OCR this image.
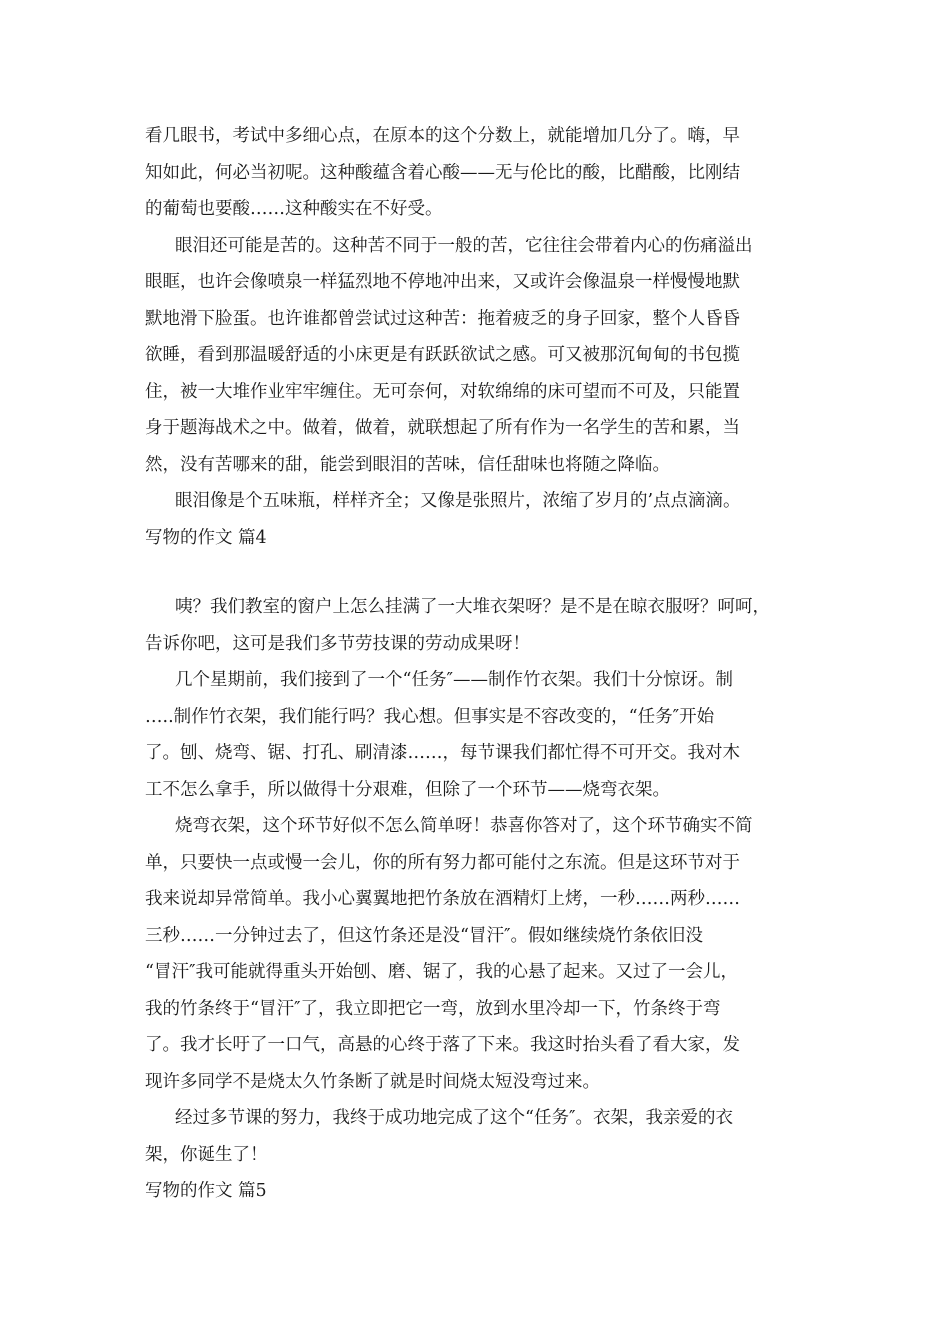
看几眼书，考试中多细心点，在原本的这个分数上，就能增加几分了。嗨，早
知如此，何必当初呢。这种酸蕴含着心酸——无与伦比的酸，比醋酸，比刚结
的葡萄也要酸……这种酸实在不好受。
眼泪还可能是苦的。这种苦不同于一般的苦，它往往会带着内心的伤痛溢出
眼眶，也许会像喷泉一样猛烈地不停地冲出来，又或许会像温泉一样慢慢地默
默地滑下脸蛋。也许谁都曾尝试过这种苦：拖着疲乏的身子回家，整个人昏昏
欲睡，看到那温暖舒适的小床更是有跃跃欲试之感。可又被那沉甸甸的书包揽
住，被一大堆作业牢牢缠住。无可奈何，对软绵绵的床可望而不可及，只能置
身于题海战术之中。做着，做着，就联想起了所有作为一名学生的苦和累，当
然，没有苦哪来的甜，能尝到眼泪的苦味，信任甜味也将随之降临。
眼泪像是个五味瓶，样样齐全；又像是张照片，浓缩了岁月的’点点滴滴。
写物的作文 篇4
咦？我们教室的窗户上怎么挂满了一大堆衣架呀？是不是在晾衣服呀？呵呵，
告诉你吧，这可是我们多节劳技课的劳动成果呀！
几个星期前，我们接到了一个“任务″——制作竹衣架。我们十分惊讶。制
…..制作竹衣架，我们能行吗？我心想。但事实是不容改变的，“任务″开始
了。刨、烧弯、锯、打孔、刷清漆……，每节课我们都忙得不可开交。我对木
工不怎么拿手，所以做得十分艰难，但除了一个环节——烧弯衣架。
烧弯衣架，这个环节好似不怎么简单呀！恭喜你答对了，这个环节确实不简
单，只要快一点或慢一会儿，你的所有努力都可能付之东流。但是这环节对于
我来说却异常简单。我小心翼翼地把竹条放在酒精灯上烤，一秒……两秒……
三秒……一分钟过去了，但这竹条还是没“冒汗″。假如继续烧竹条依旧没
“冒汗″我可能就得重头开始刨、磨、锯了，我的心悬了起来。又过了一会儿，
我的竹条终于“冒汗″了，我立即把它一弯，放到水里冷却一下，竹条终于弯
了。我才长吁了一口气，高悬的心终于落了下来。我这时抬头看了看大家，发
现许多同学不是烧太久竹条断了就是时间烧太短没弯过来。
经过多节课的努力，我终于成功地完成了这个“任务″。衣架，我亲爱的衣
架，你诞生了！
写物的作文 篇5
